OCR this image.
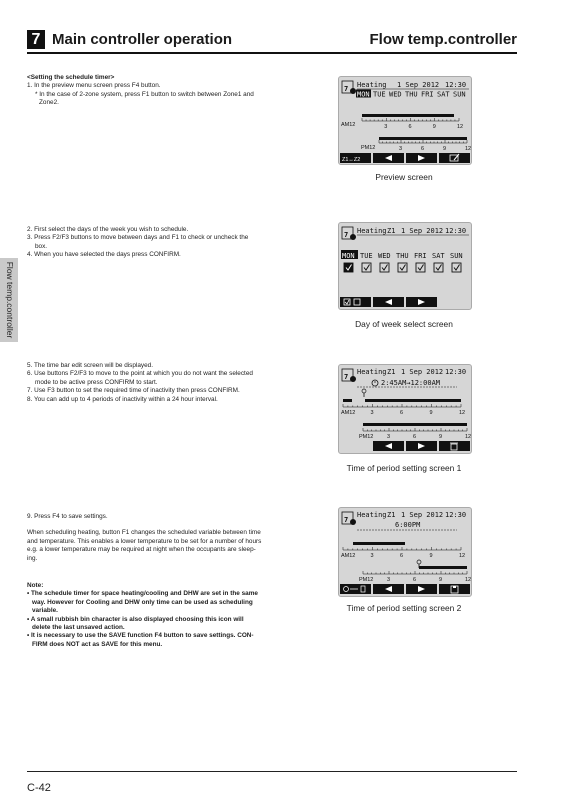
7 Main controller operation	Flow temp.controller
Flow temp.controller

<Setting the schedule timer>

1. In the preview menu screen press F4 button.

* In the case of 2-zone system, press F1 button to switch between Zone1 and

Zone2.

7 Heating 1 Sep 2012 12:30
MON TUE WED THU FRI SAT SUN
3	6	9	12
AM12
3	6	9	12
PM12
Z1↔Z2
Preview screen

2. First select the days of the week you wish to schedule.

3. Press F2/F3 buttons to move between days and F1 to check or uncheck the

box.

4. When you have selected the days press CONFIRM.

7 Heating Z1 1 Sep 2012 12:30
MON TUE WED THU FRI SAT SUN
Day of week select screen

5. The time bar edit screen will be displayed.

6. Use buttons F2/F3 to move to the point at which you do not want the selected

mode to be active press CONFIRM to start.

7. Use F3 button to set the required time of inactivity then press CONFIRM.

8. You can add up to 4 periods of inactivity within a 24 hour interval.

7
Heating Z1 1 Sep 2012 12:30
2:45AM→12:00AM
3	6	9	12
AM12
3	6	9	12
PM12
Time of period setting screen 1

9. Press F4 to save settings.

When scheduling heating, button F1 changes the scheduled variable between time

and temperature. This enables a lower temperature to be set for a number of hours

e.g. a lower temperature may be required at night when the occupants are sleep-

ing.

Note:

• The schedule timer for space heating/cooling and DHW are set in the same

way. However for Cooling and DHW only time can be used as scheduling

variable.

• A small rubbish bin character is also displayed choosing this icon will

delete the last unsaved action.

• It is necessary to use the SAVE function F4 button to save settings. CON-

FIRM does NOT act as SAVE for this menu.

7
Heating Z1 1 Sep 2012 12:30
6:00PM
3	6	9	12
AM12
3	6	9	12
PM12
Time of period setting screen 2
C-42
